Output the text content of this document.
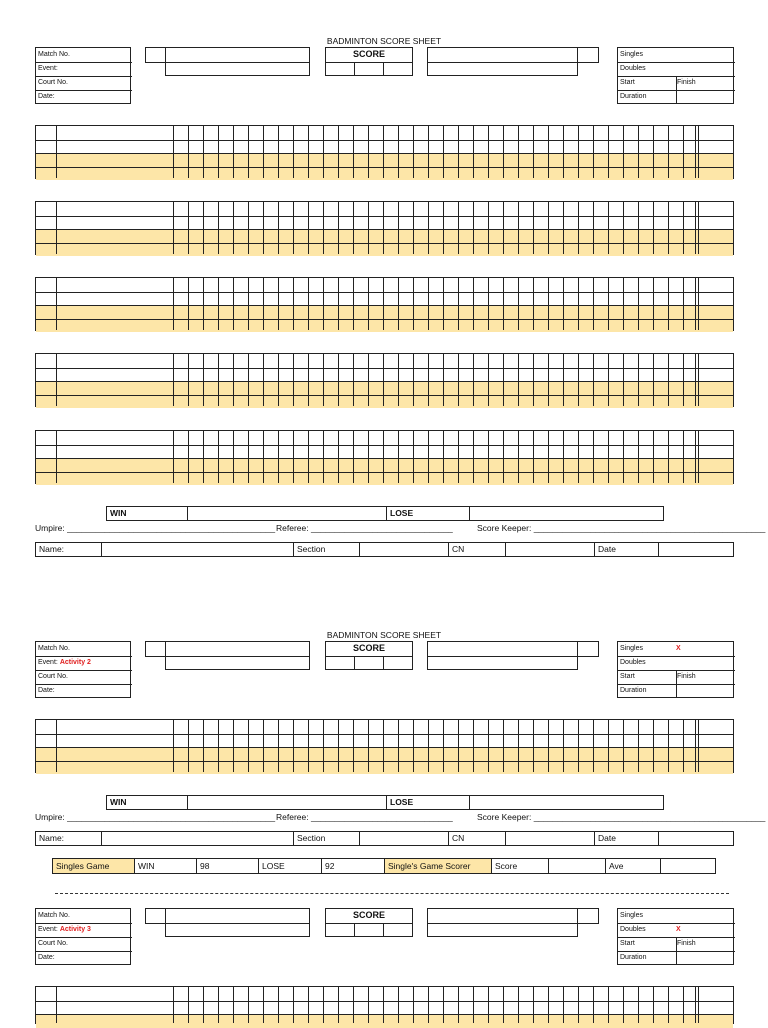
BADMINTON SCORE SHEET
Match No.
Event:
Court No.
Date:
SCORE	Singles
Doubles
Start	Finish
Duration
WIN	LOSE
Umpire: ____________________________________________ Referee: ______________________________	Score Keeper: _________________________________________________
Name:	Section	CN	Date
BADMINTON SCORE SHEET
Match No.
Event: Activity 2
Court No.
Date:
SCORE	Singles	X
Doubles
Start	Finish
Duration
WIN	LOSE
Umpire: ____________________________________________ Referee: ______________________________	Score Keeper: _________________________________________________
Name:	Section	CN	Date
Singles Game	WIN	98	LOSE	92	Single's Game Scorer	Score	Ave
Match No.
Event: Activity 3
Court No.
Date:
SCORE	Singles
Doubles	X
Start	Finish
Duration
